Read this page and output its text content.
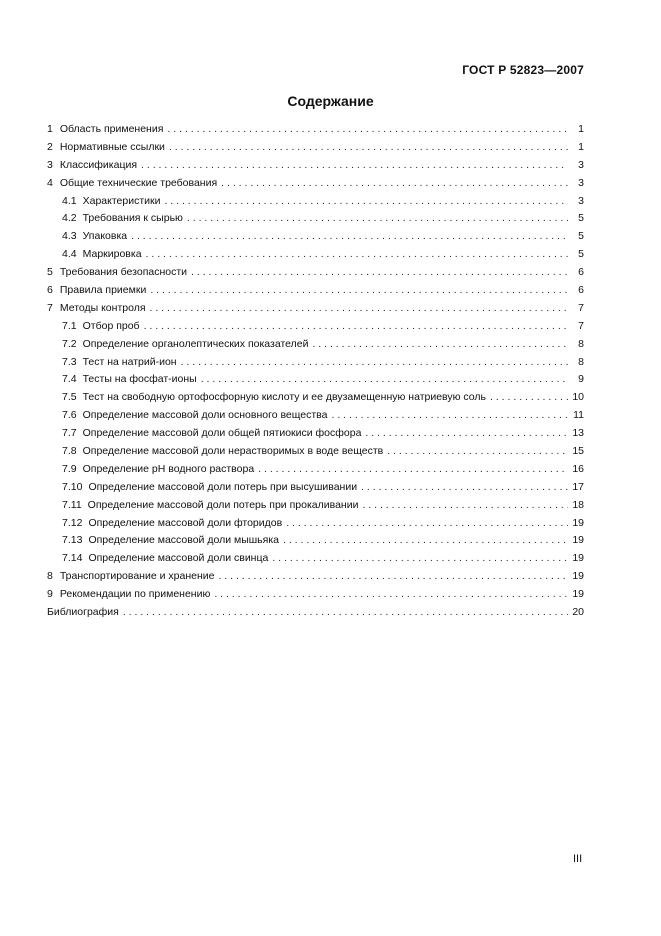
ГОСТ Р 52823—2007
Содержание
1 Область применения . . .	1
2 Нормативные ссылки . . .	1
3 Классификация . . .	3
4 Общие технические требования . . .	3
4.1 Характеристики . . .	3
4.2 Требования к сырью . . .	5
4.3 Упаковка . . .	5
4.4 Маркировка . . .	5
5 Требования безопасности . . .	6
6 Правила приемки . . .	6
7 Методы контроля . . .	7
7.1 Отбор проб . . .	7
7.2 Определение органолептических показателей . . .	8
7.3 Тест на натрий-ион . . .	8
7.4 Тесты на фосфат-ионы . . .	9
7.5 Тест на свободную ортофосфорную кислоту и ее двузамещенную натриевую соль . . .	10
7.6 Определение массовой доли основного вещества . . .	11
7.7 Определение массовой доли общей пятиокиси фосфора . . .	13
7.8 Определение массовой доли нерастворимых в воде веществ . . .	15
7.9 Определение рН водного раствора . . .	16
7.10 Определение массовой доли потерь при высушивании . . .	17
7.11 Определение массовой доли потерь при прокаливании . . .	18
7.12 Определение массовой доли фторидов . . .	19
7.13 Определение массовой доли мышьяка . . .	19
7.14 Определение массовой доли свинца . . .	19
8 Транспортирование и хранение . . .	19
9 Рекомендации по применению . . .	19
Библиография . . .	20
III
